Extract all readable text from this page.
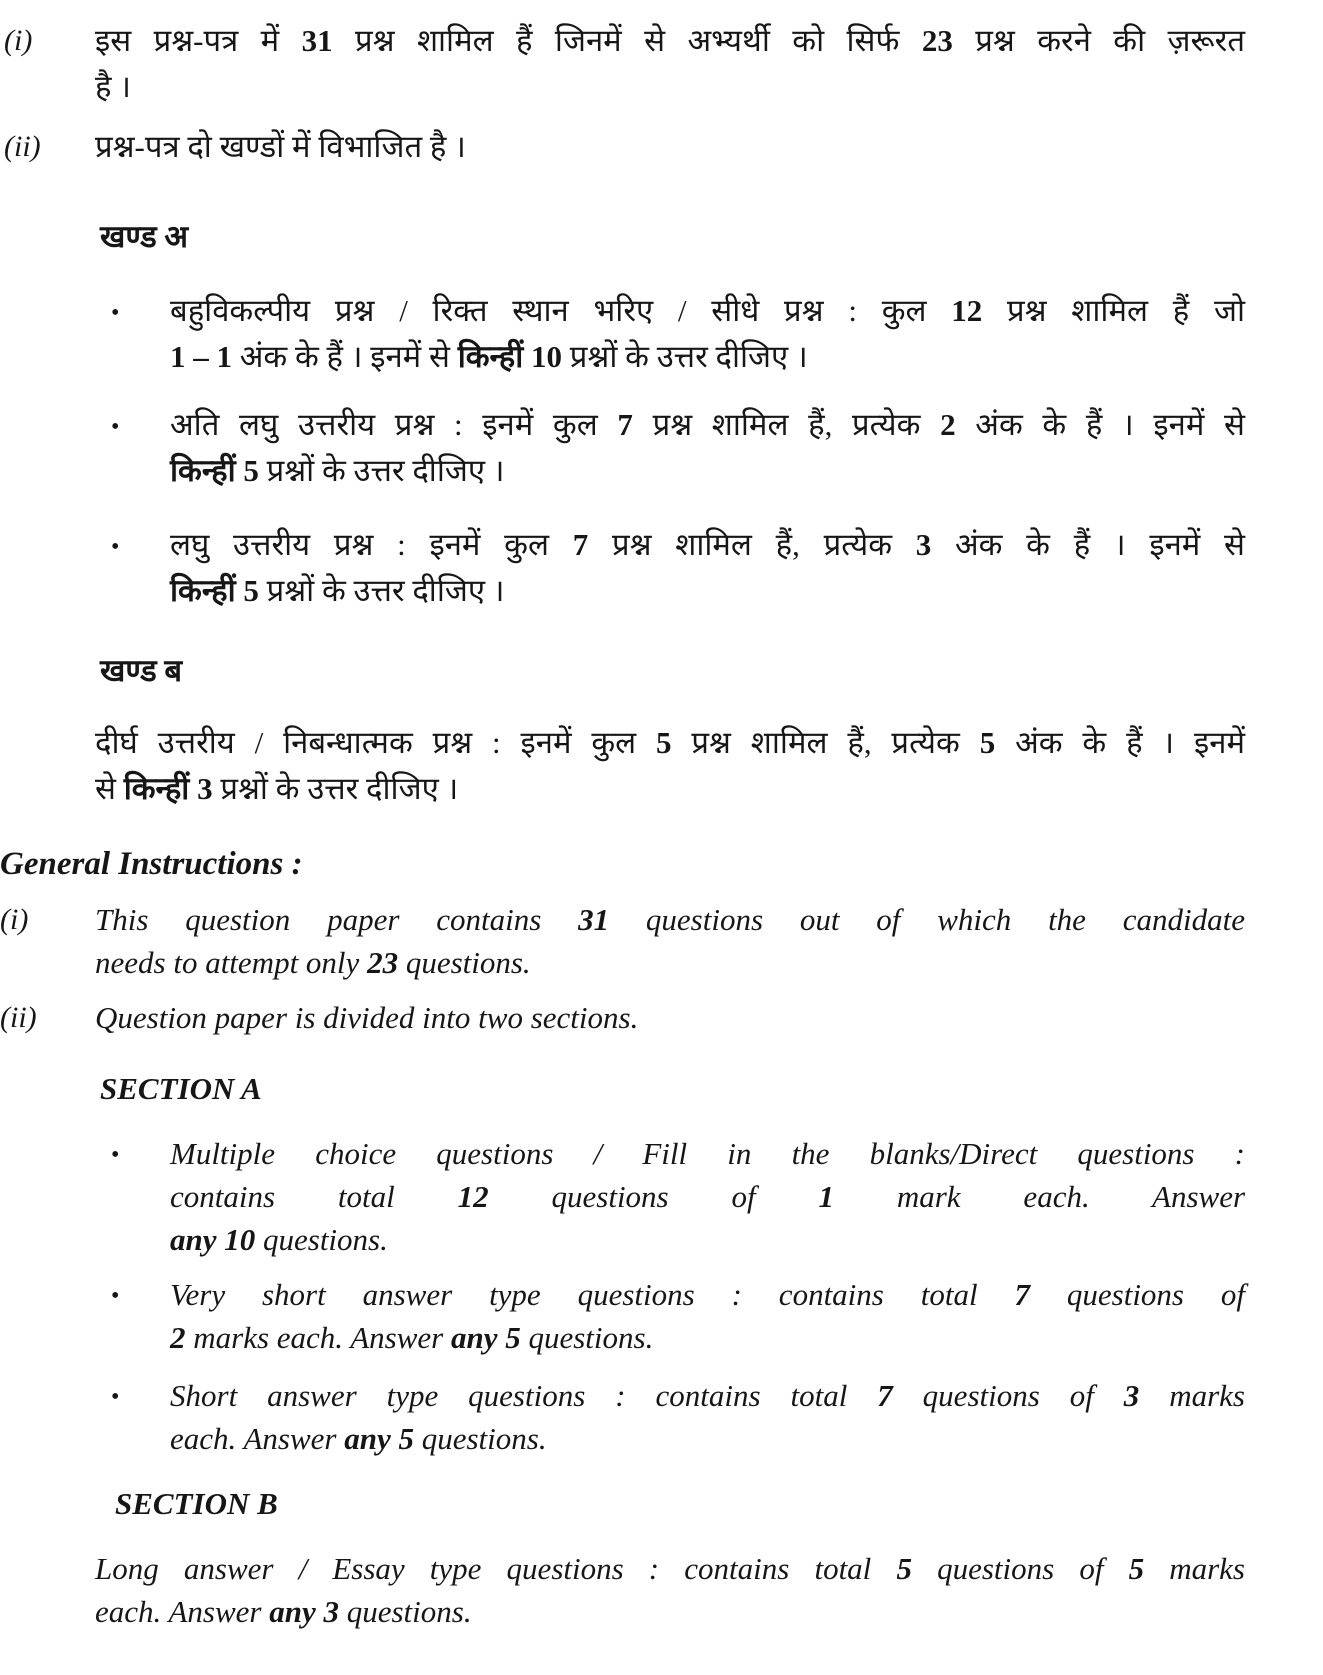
(i)	इस प्रश्न-पत्र में 31 प्रश्न शामिल हैं जिनमें से अभ्यर्थी को सिर्फ 23 प्रश्न करने की ज़रूरत
है ।
(ii)	प्रश्न-पत्र दो खण्डों में विभाजित है ।
खण्ड अ
• बहुविकल्पीय प्रश्न / रिक्त स्थान भरिए / सीधे प्रश्न : कुल 12 प्रश्न शामिल हैं जो
1 – 1 अंक के हैं । इनमें से किन्हीं 10 प्रश्नों के उत्तर दीजिए ।
• अति लघु उत्तरीय प्रश्न : इनमें कुल 7 प्रश्न शामिल हैं, प्रत्येक 2 अंक के हैं । इनमें से
किन्हीं 5 प्रश्नों के उत्तर दीजिए ।
• लघु उत्तरीय प्रश्न : इनमें कुल 7 प्रश्न शामिल हैं, प्रत्येक 3 अंक के हैं । इनमें से
किन्हीं 5 प्रश्नों के उत्तर दीजिए ।
खण्ड ब
दीर्घ उत्तरीय / निबन्धात्मक प्रश्न : इनमें कुल 5 प्रश्न शामिल हैं, प्रत्येक 5 अंक के हैं । इनमें
से किन्हीं 3 प्रश्नों के उत्तर दीजिए ।
General Instructions :
(i)	This question paper contains 31 questions out of which the candidate
needs to attempt only 23 questions.
(ii)	Question paper is divided into two sections.
SECTION A
• Multiple choice questions / Fill in the blanks/Direct questions :
contains total 12 questions of 1 mark each. Answer
any 10 questions.
• Very short answer type questions : contains total 7 questions of
2 marks each. Answer any 5 questions.
• Short answer type questions : contains total 7 questions of 3 marks
each. Answer any 5 questions.
SECTION B
Long answer / Essay type questions : contains total 5 questions of 5 marks
each. Answer any 3 questions.
